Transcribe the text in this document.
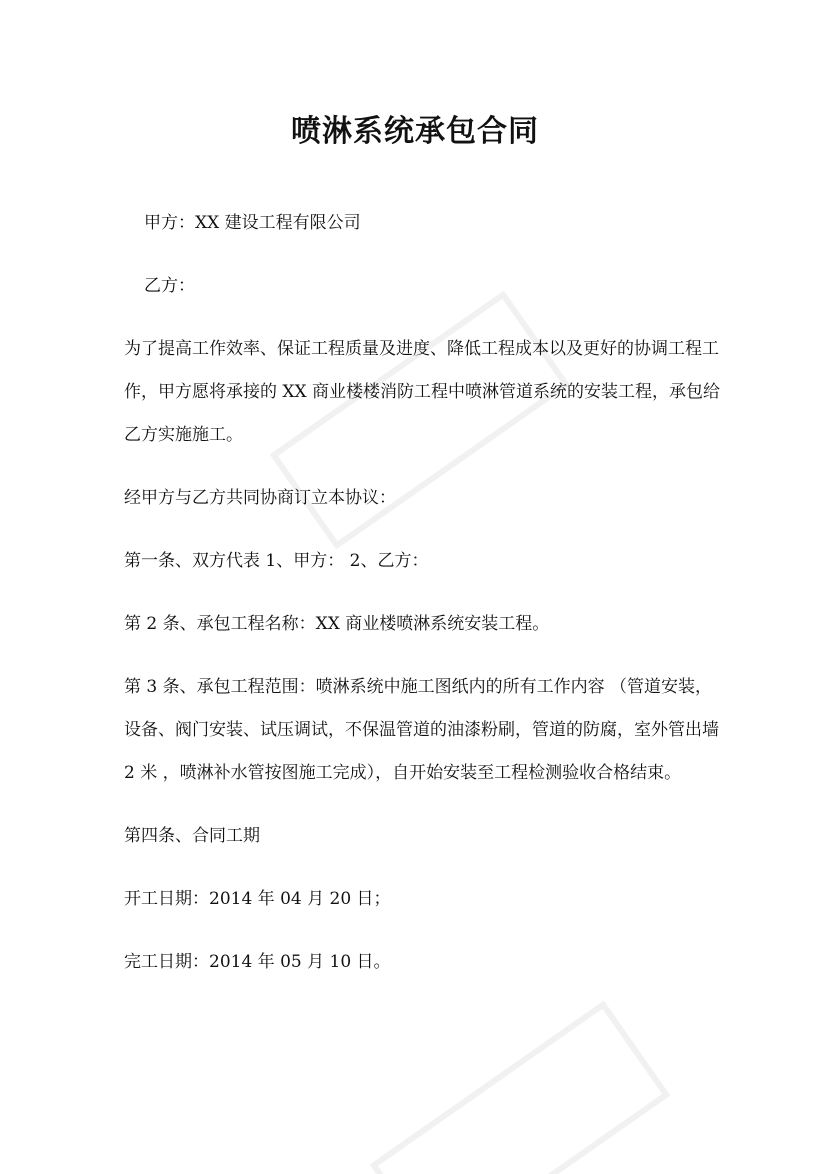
喷淋系统承包合同

甲方：XX 建设工程有限公司

乙方：

为了提高工作效率、保证工程质量及进度、降低工程成本以及更好的协调工程工

作，甲方愿将承接的 XX 商业楼楼消防工程中喷淋管道系统的安装工程，承包给

乙方实施施工。

经甲方与乙方共同协商订立本协议：

第一条、双方代表 1、甲方： 2、乙方：

第 2 条、承包工程名称：XX 商业楼喷淋系统安装工程。

第 3 条、承包工程范围：喷淋系统中施工图纸内的所有工作内容 （管道安装，

设备、阀门安装、试压调试，不保温管道的油漆粉刷，管道的防腐，室外管出墙

2 米 ，喷淋补水管按图施工完成），自开始安装至工程检测验收合格结束。

第四条、合同工期

开工日期：2014 年 04 月 20 日；

完工日期：2014 年 05 月 10 日。
